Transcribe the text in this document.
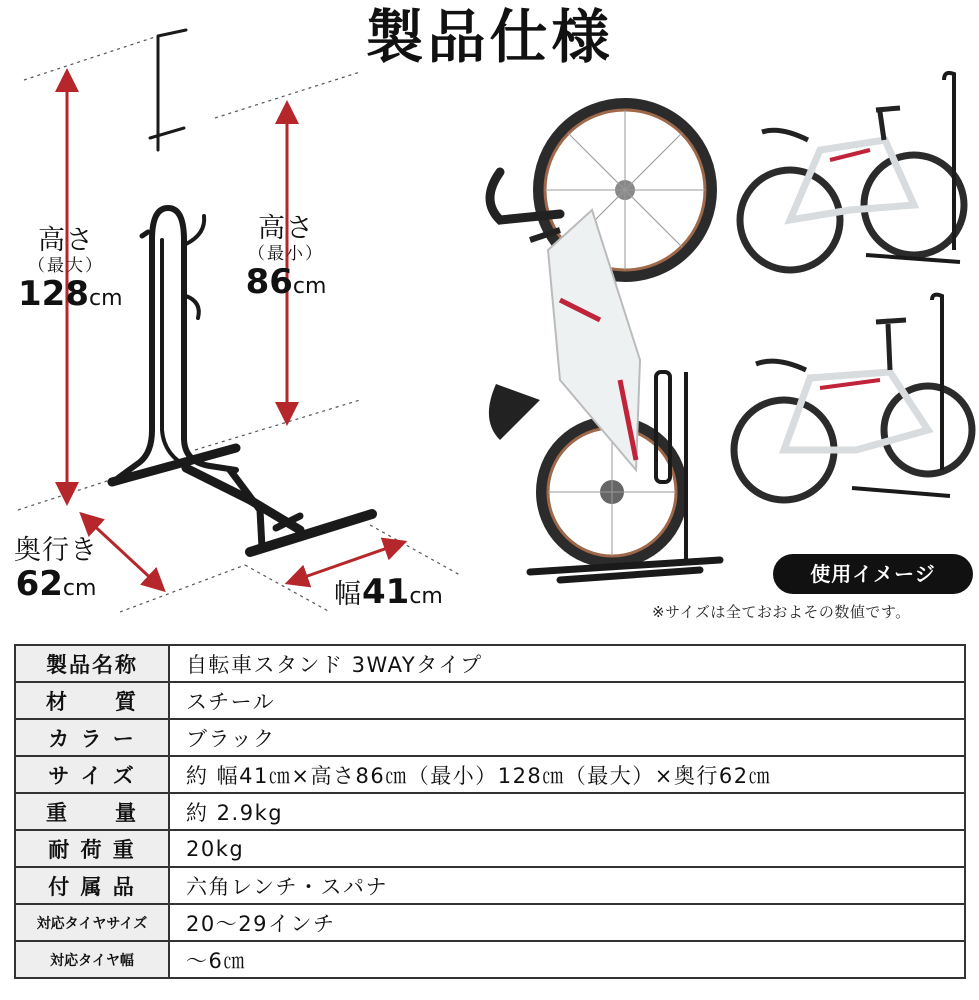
製品仕様
高さ
（最大）
128cm
高さ
（最小）
86cm
奥行き
62cm	幅41cm
使用イメージ
※サイズは全ておおよその数値です。
製品名称	自転車スタンド 3WAYタイプ
材　　質	スチール
カ ラ ー	ブラック
サ イ ズ	約 幅41㎝×高さ86㎝（最小）128㎝（最大）×奥行62㎝
重　　量	約 2.9kg
耐 荷 重	20kg
付 属 品	六角レンチ・スパナ
対応タイヤサイズ	20〜29インチ
対応タイヤ幅	〜6㎝
